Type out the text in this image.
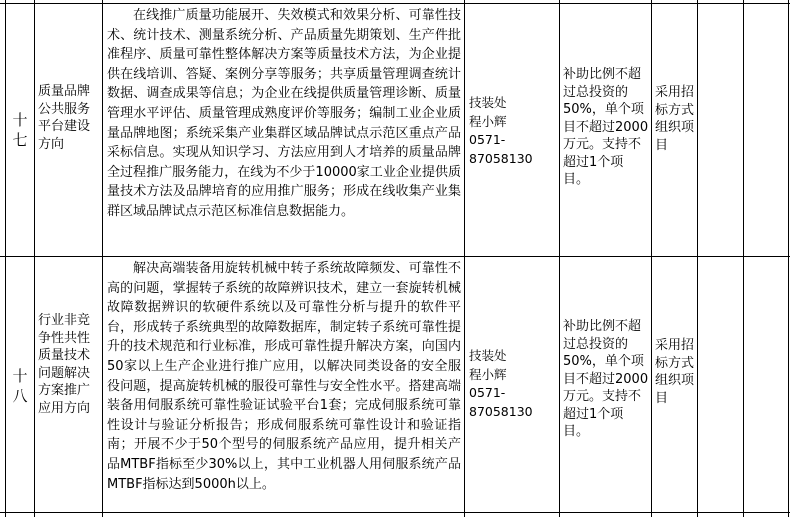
十七
质量品牌公共服务平台建设方向
在线推广质量功能展开、失效模式和效果分析、可靠性技术、统计技术、测量系统分析、产品质量先期策划、生产件批准程序、质量可靠性整体解决方案等质量技术方法，为企业提供在线培训、答疑、案例分享等服务；共享质量管理调查统计数据、调查成果等信息；为企业在线提供质量管理诊断、质量管理水平评估、质量管理成熟度评价等服务；编制工业企业质量品牌地图；系统采集产业集群区域品牌试点示范区重点产品采标信息。实现从知识学习、方法应用到人才培养的质量品牌全过程推广服务能力，在线为不少于10000家工业企业提供质量技术方法及品牌培育的应用推广服务；形成在线收集产业集群区域品牌试点示范区标准信息数据能力。
技装处
程小辉
0571-
87058130
补助比例不超过总投资的50%，单个项目不超过2000万元。支持不超过1个项目。
采用招标方式组织项目
十八
行业非竞争性共性质量技术问题解决方案推广应用方向
解决高端装备用旋转机械中转子系统故障频发、可靠性不高的问题，掌握转子系统的故障辨识技术，建立一套旋转机械故障数据辨识的软硬件系统以及可靠性分析与提升的软件平台，形成转子系统典型的故障数据库，制定转子系统可靠性提升的技术规范和行业标准，形成可靠性提升解决方案，向国内50家以上生产企业进行推广应用，以解决同类设备的安全服役问题，提高旋转机械的服役可靠性与安全性水平。搭建高端装备用伺服系统可靠性验证试验平台1套；完成伺服系统可靠性设计与验证分析报告；形成伺服系统可靠性设计和验证指南；开展不少于50个型号的伺服系统产品应用，提升相关产品MTBF指标至少30%以上，其中工业机器人用伺服系统产品MTBF指标达到5000h以上。
技装处
程小辉
0571-
87058130
补助比例不超过总投资的50%，单个项目不超过2000万元。支持不超过1个项目。
采用招标方式组织项目
